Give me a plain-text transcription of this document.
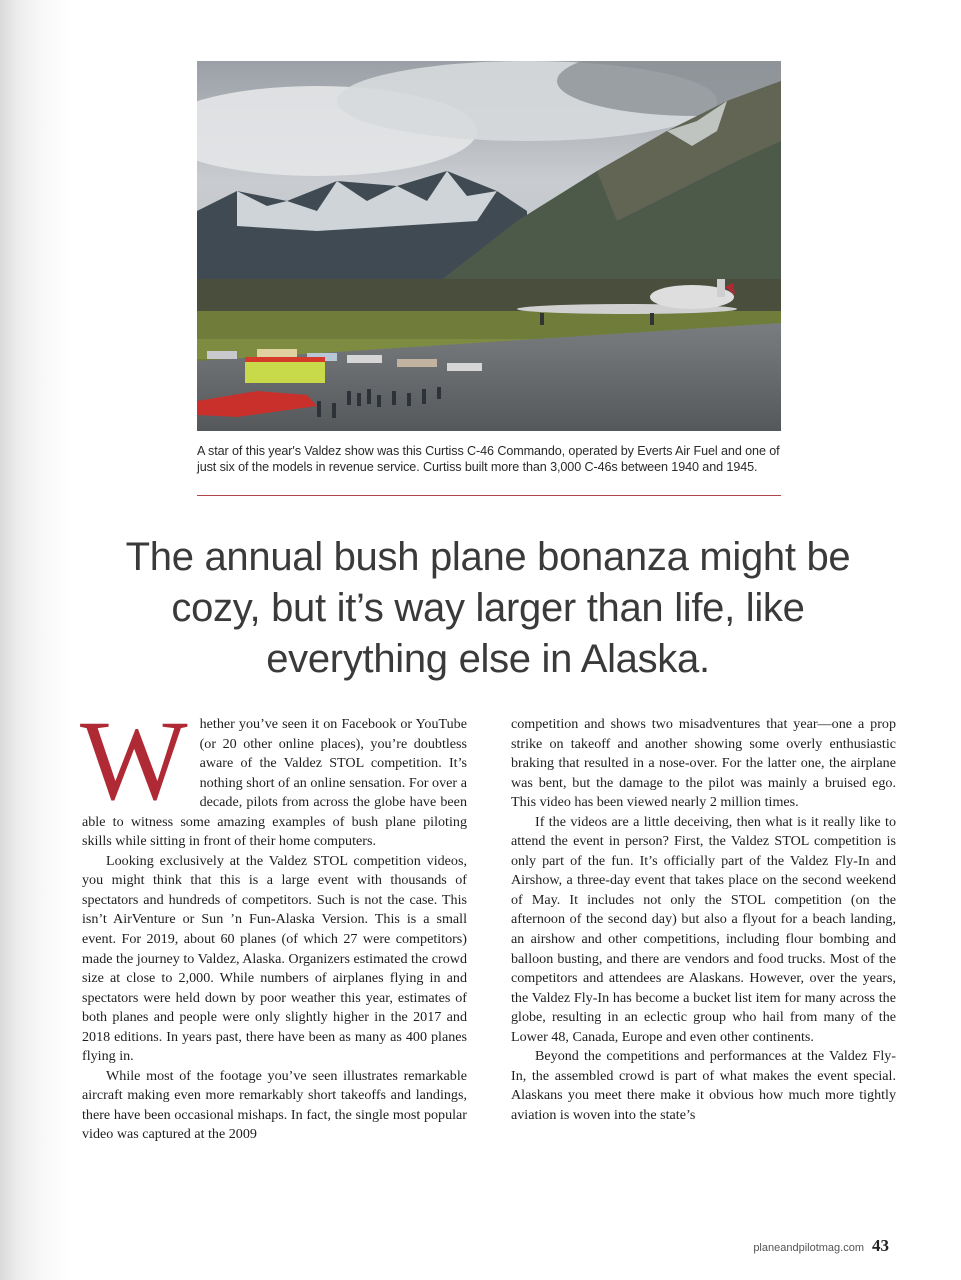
A star of this year's Valdez show was this Curtiss C-46 Commando, operated by Everts Air Fuel and one of just six of the models in revenue service. Curtiss built more than 3,000 C-46s between 1940 and 1945.

The annual bush plane bonanza might be cozy, but it’s way larger than life, like everything else in Alaska.

Whether you’ve seen it on Facebook or YouTube (or 20 other online places), you’re doubtless aware of the Valdez STOL competition. It’s nothing short of an online sensation. For over a decade, pilots from across the globe have been able to witness some amazing examples of bush plane piloting skills while sitting in front of their home computers.

Looking exclusively at the Valdez STOL competition videos, you might think that this is a large event with thousands of spectators and hundreds of competitors. Such is not the case. This isn’t AirVenture or Sun ’n Fun-Alaska Version. This is a small event. For 2019, about 60 planes (of which 27 were competitors) made the journey to Valdez, Alaska. Organizers estimated the crowd size at close to 2,000. While numbers of airplanes flying in and spectators were held down by poor weather this year, estimates of both planes and people were only slightly higher in the 2017 and 2018 editions. In years past, there have been as many as 400 planes flying in.

While most of the footage you’ve seen illustrates remarkable aircraft making even more remarkably short takeoffs and landings, there have been occasional mishaps. In fact, the single most popular video was captured at the 2009

competition and shows two misadventures that year—one a prop strike on takeoff and another showing some overly enthusiastic braking that resulted in a nose-over. For the latter one, the airplane was bent, but the damage to the pilot was mainly a bruised ego. This video has been viewed nearly 2 million times.

If the videos are a little deceiving, then what is it really like to attend the event in person? First, the Valdez STOL competition is only part of the fun. It’s officially part of the Valdez Fly-In and Airshow, a three-day event that takes place on the second weekend of May. It includes not only the STOL competition (on the afternoon of the second day) but also a flyout for a beach landing, an airshow and other competitions, including flour bombing and balloon busting, and there are vendors and food trucks. Most of the competitors and attendees are Alaskans. However, over the years, the Valdez Fly-In has become a bucket list item for many across the globe, resulting in an eclectic group who hail from many of the Lower 48, Canada, Europe and even other continents.

Beyond the competitions and performances at the Valdez Fly-In, the assembled crowd is part of what makes the event special. Alaskans you meet there make it obvious how much more tightly aviation is woven into the state’s

planeandpilotmag.com 43
